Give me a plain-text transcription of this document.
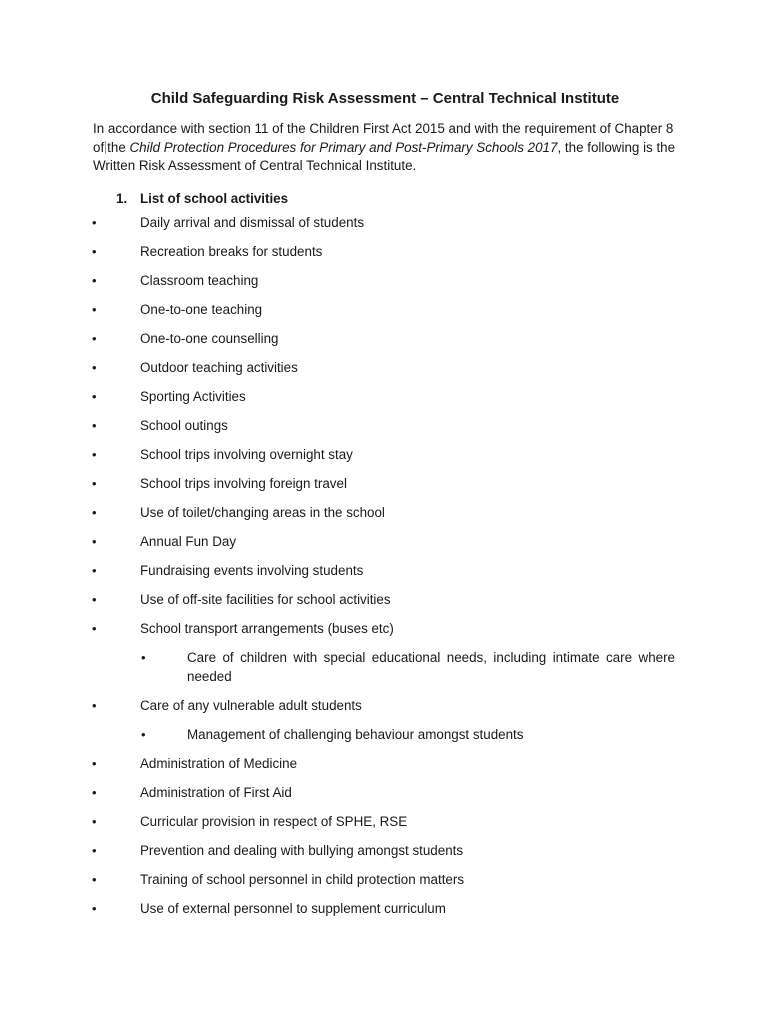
Child Safeguarding Risk Assessment – Central Technical Institute
In accordance with section 11 of the Children First Act 2015 and with the requirement of Chapter 8 of the Child Protection Procedures for Primary and Post-Primary Schools 2017, the following is the Written Risk Assessment of Central Technical Institute.
1. List of school activities
•	Daily arrival and dismissal of students
•	Recreation breaks for students
•	Classroom teaching
•	One-to-one teaching
•	One-to-one counselling
•	Outdoor teaching activities
•	Sporting Activities
•	School outings
•	School trips involving overnight stay
•	School trips involving foreign travel
•	Use of toilet/changing areas in the school
•	Annual Fun Day
•	Fundraising events involving students
•	Use of off-site facilities for school activities
•	School transport arrangements (buses etc)
•	Care of children with special educational needs, including intimate care where needed
•	Care of any vulnerable adult students
•	Management of challenging behaviour amongst students
•	Administration of Medicine
•	Administration of First Aid
•	Curricular provision in respect of SPHE, RSE
•	Prevention and dealing with bullying amongst students
•	Training of school personnel in child protection matters
•	Use of external personnel to supplement curriculum
